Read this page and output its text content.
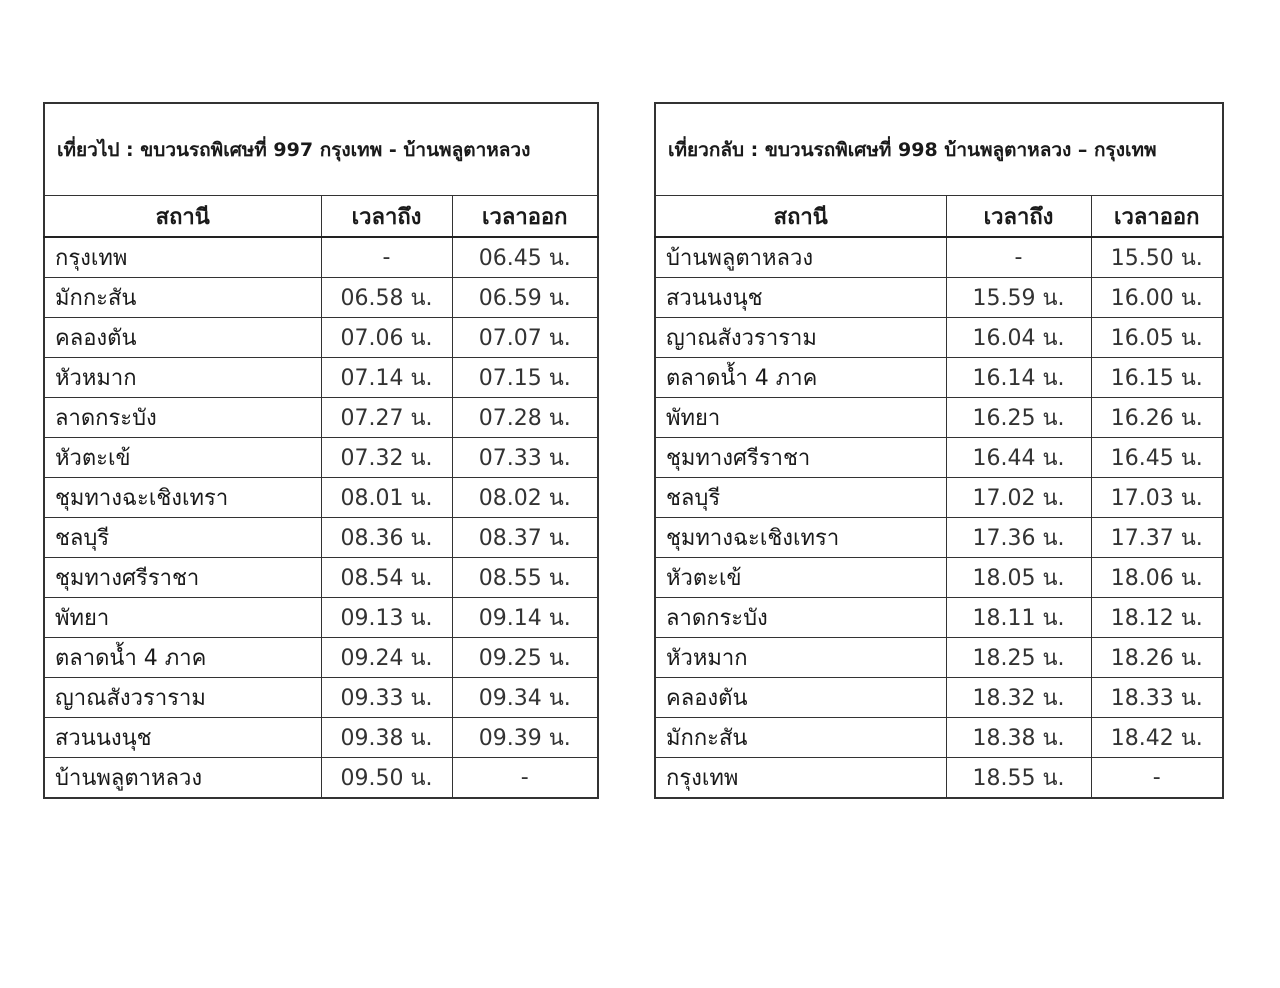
เที่ยวไป : ขบวนรถพิเศษที่ 997 กรุงเทพ - บ้านพลูตาหลวง		
สถานี	เวลาถึง	เวลาออก
กรุงเทพ	-	06.45 น.
มักกะสัน	06.58 น.	06.59 น.
คลองตัน	07.06 น.	07.07 น.
หัวหมาก	07.14 น.	07.15 น.
ลาดกระบัง	07.27 น.	07.28 น.
หัวตะเข้	07.32 น.	07.33 น.
ชุมทางฉะเชิงเทรา	08.01 น.	08.02 น.
ชลบุรี	08.36 น.	08.37 น.
ชุมทางศรีราชา	08.54 น.	08.55 น.
พัทยา	09.13 น.	09.14 น.
ตลาดน้ำ 4 ภาค	09.24 น.	09.25 น.
ญาณสังวราราม	09.33 น.	09.34 น.
สวนนงนุช	09.38 น.	09.39 น.
บ้านพลูตาหลวง	09.50 น.	-
เที่ยวกลับ : ขบวนรถพิเศษที่ 998 บ้านพลูตาหลวง – กรุงเทพ		
สถานี	เวลาถึง	เวลาออก
บ้านพลูตาหลวง	-	15.50 น.
สวนนงนุช	15.59 น.	16.00 น.
ญาณสังวราราม	16.04 น.	16.05 น.
ตลาดน้ำ 4 ภาค	16.14 น.	16.15 น.
พัทยา	16.25 น.	16.26 น.
ชุมทางศรีราชา	16.44 น.	16.45 น.
ชลบุรี	17.02 น.	17.03 น.
ชุมทางฉะเชิงเทรา	17.36 น.	17.37 น.
หัวตะเข้	18.05 น.	18.06 น.
ลาดกระบัง	18.11 น.	18.12 น.
หัวหมาก	18.25 น.	18.26 น.
คลองตัน	18.32 น.	18.33 น.
มักกะสัน	18.38 น.	18.42 น.
กรุงเทพ	18.55 น.	-
